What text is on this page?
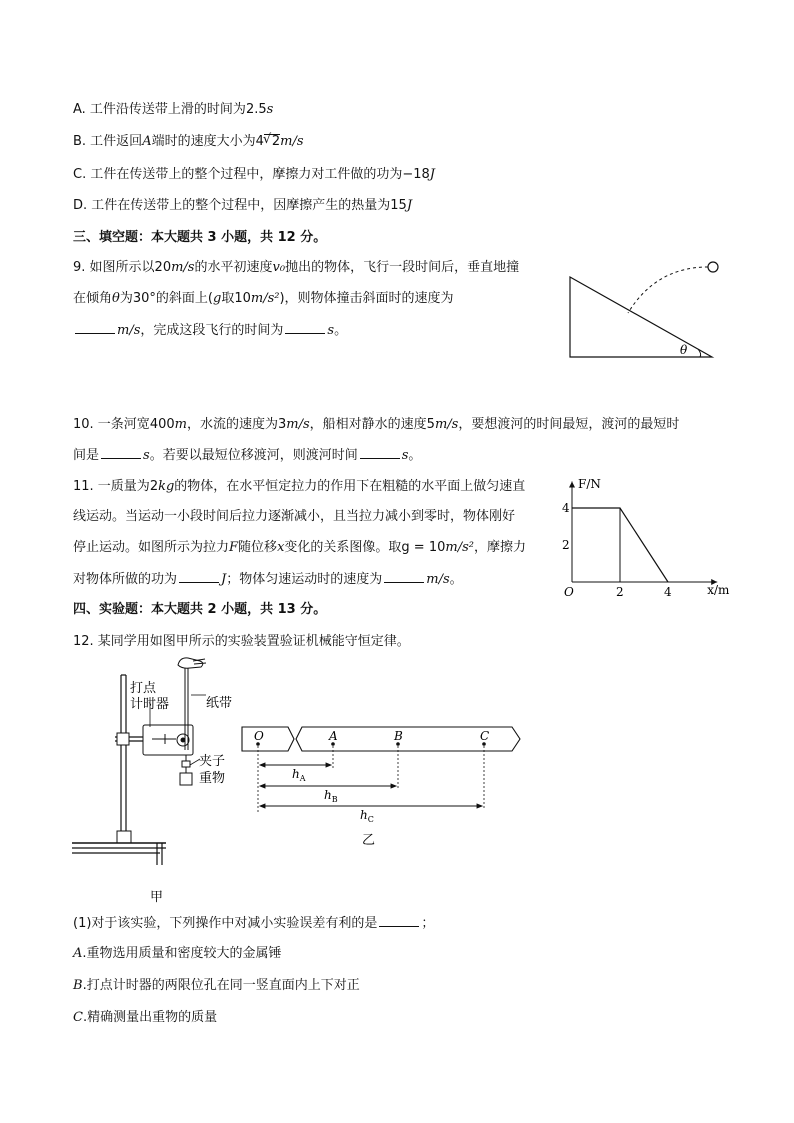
A. 工件沿传送带上滑的时间为2.5s
B. 工件返回A端时的速度大小为4√ 2m/s
C. 工件在传送带上的整个过程中，摩擦力对工件做的功为−18J
D. 工件在传送带上的整个过程中，因摩擦产生的热量为15J
三、填空题：本大题共 3 小题，共 12 分。
9. 如图所示以20m/s的水平初速度v₀抛出的物体，飞行一段时间后，垂直地撞
在倾角θ为30°的斜面上(g取10m/s²)，则物体撞击斜面时的速度为
m/s，完成这段飞行的时间为	s。
θ
10. 一条河宽400m，水流的速度为3m/s，船相对静水的速度5m/s，要想渡河的时间最短，渡河的最短时
间是	s。若要以最短位移渡河，则渡河时间	s。
11. 一质量为2kg的物体，在水平恒定拉力的作用下在粗糙的水平面上做匀速直
线运动。当运动一小段时间后拉力逐渐减小，且当拉力减小到零时，物体刚好
停止运动。如图所示为拉力F随位移x变化的关系图像。取g = 10m/s²，摩擦力
对物体所做的功为	J；物体匀速运动时的速度为	m/s。
F/N
x/m
O
2
4
2	4
四、实验题：本大题共 2 小题，共 13 分。
12. 某同学用如图甲所示的实验装置验证机械能守恒定律。
打点
计时器	纸带
夹子
重物
甲
O	A	B	C
$h_A$
$h_B$
$h_C$
乙
(1)对于该实验，下列操作中对减小实验误差有利的是	；
A.重物选用质量和密度较大的金属锤
B.打点计时器的两限位孔在同一竖直面内上下对正
C.精确测量出重物的质量
